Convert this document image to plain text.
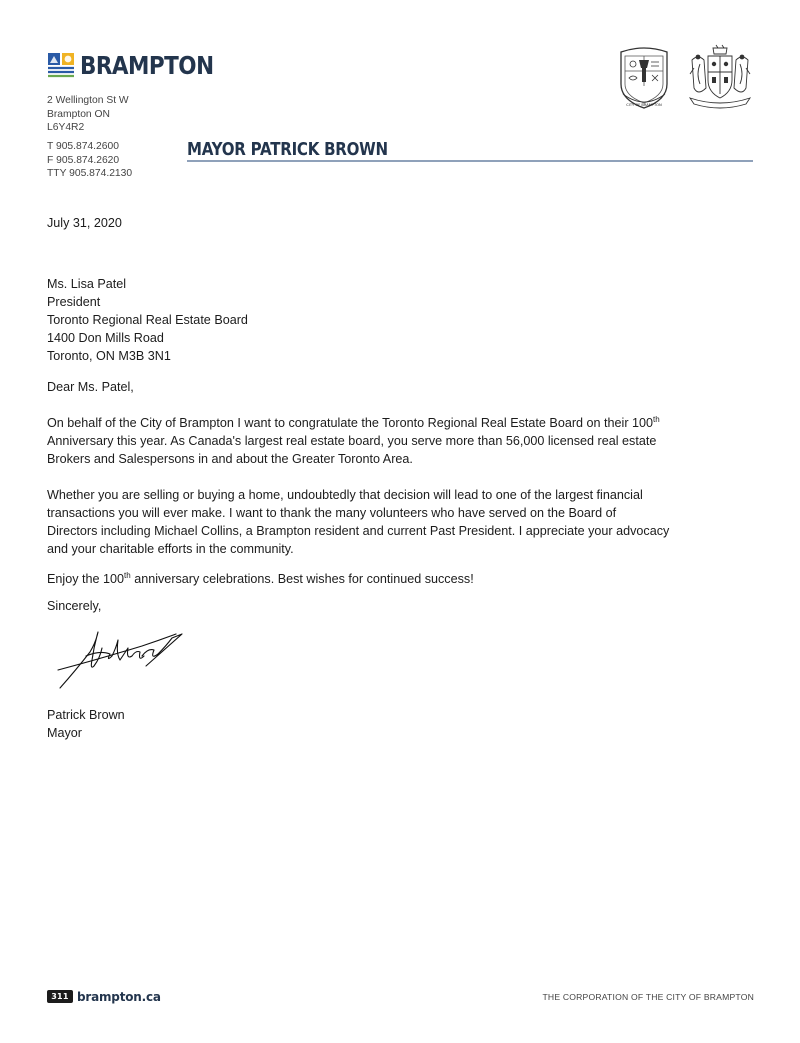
BRAMPTON
2 Wellington St W
Brampton ON
L6Y4R2
T 905.874.2600
F 905.874.2620
TTY 905.874.2130
MAYOR PATRICK BROWN
CITY OF BRAMPTON
July 31, 2020
Ms. Lisa Patel
President
Toronto Regional Real Estate Board
1400 Don Mills Road
Toronto, ON M3B 3N1
Dear Ms. Patel,
On behalf of the City of Brampton I want to congratulate the Toronto Regional Real Estate Board on their 100th
Anniversary this year. As Canada's largest real estate board, you serve more than 56,000 licensed real estate
Brokers and Salespersons in and about the Greater Toronto Area.
Whether you are selling or buying a home, undoubtedly that decision will lead to one of the largest financial
transactions you will ever make. I want to thank the many volunteers who have served on the Board of
Directors including Michael Collins, a Brampton resident and current Past President. I appreciate your advocacy
and your charitable efforts in the community.
Enjoy the 100th anniversary celebrations. Best wishes for continued success!
Sincerely,
Patrick Brown
Mayor
311 brampton.ca	THE CORPORATION OF THE CITY OF BRAMPTON
